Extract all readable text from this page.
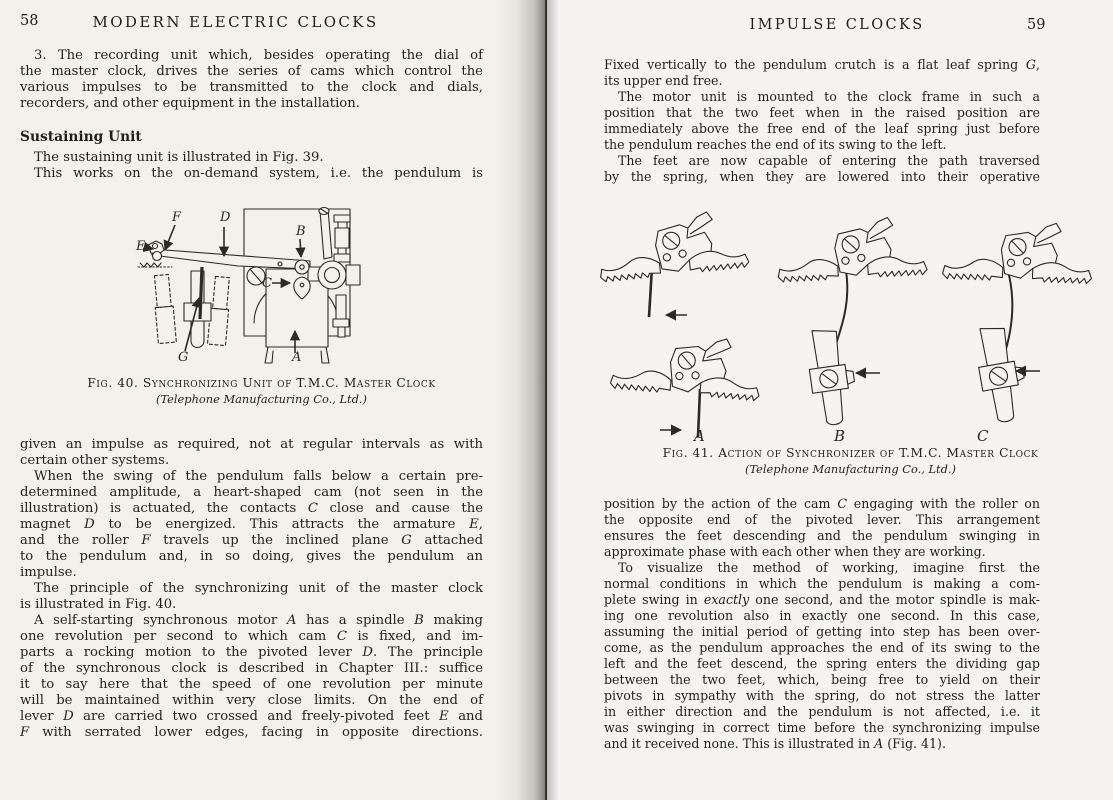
58	MODERN ELECTRIC CLOCKS
3. The recording unit which, besides operating the dial of
the master clock, drives the series of cams which control the
various impulses to be transmitted to the clock and dials,
recorders, and other equipment in the installation.
Sustaining Unit
The sustaining unit is illustrated in Fig. 39.
This works on the on-demand system, i.e. the pendulum is
E
F	D
B
C
G	A
Fig. 40. Synchronizing Unit of T.M.C. Master Clock
(Telephone Manufacturing Co., Ltd.)
given an impulse as required, not at regular intervals as with
certain other systems.
When the swing of the pendulum falls below a certain pre-
determined amplitude, a heart-shaped cam (not seen in the
illustration) is actuated, the contacts C close and cause the
magnet D to be energized. This attracts the armature E,
and the roller F travels up the inclined plane G attached
to the pendulum and, in so doing, gives the pendulum an
impulse.
The principle of the synchronizing unit of the master clock
is illustrated in Fig. 40.
A self-starting synchronous motor A has a spindle B making
one revolution per second to which cam C is fixed, and im-
parts a rocking motion to the pivoted lever D. The principle
of the synchronous clock is described in Chapter III.: suffice
it to say here that the speed of one revolution per minute
will be maintained within very close limits. On the end of
lever D are carried two crossed and freely-pivoted feet E and
F with serrated lower edges, facing in opposite directions.
IMPULSE CLOCKS	59
Fixed vertically to the pendulum crutch is a flat leaf spring G,
its upper end free.
The motor unit is mounted to the clock frame in such a
position that the two feet when in the raised position are
immediately above the free end of the leaf spring just before
the pendulum reaches the end of its swing to the left.
The feet are now capable of entering the path traversed
by the spring, when they are lowered into their operative
A	B	C
Fig. 41. Action of Synchronizer of T.M.C. Master Clock
(Telephone Manufacturing Co., Ltd.)
position by the action of the cam C engaging with the roller on
the opposite end of the pivoted lever. This arrangement
ensures the feet descending and the pendulum swinging in
approximate phase with each other when they are working.
To visualize the method of working, imagine first the
normal conditions in which the pendulum is making a com-
plete swing in exactly one second, and the motor spindle is mak-
ing one revolution also in exactly one second. In this case,
assuming the initial period of getting into step has been over-
come, as the pendulum approaches the end of its swing to the
left and the feet descend, the spring enters the dividing gap
between the two feet, which, being free to yield on their
pivots in sympathy with the spring, do not stress the latter
in either direction and the pendulum is not affected, i.e. it
was swinging in correct time before the synchronizing impulse
and it received none. This is illustrated in A (Fig. 41).
